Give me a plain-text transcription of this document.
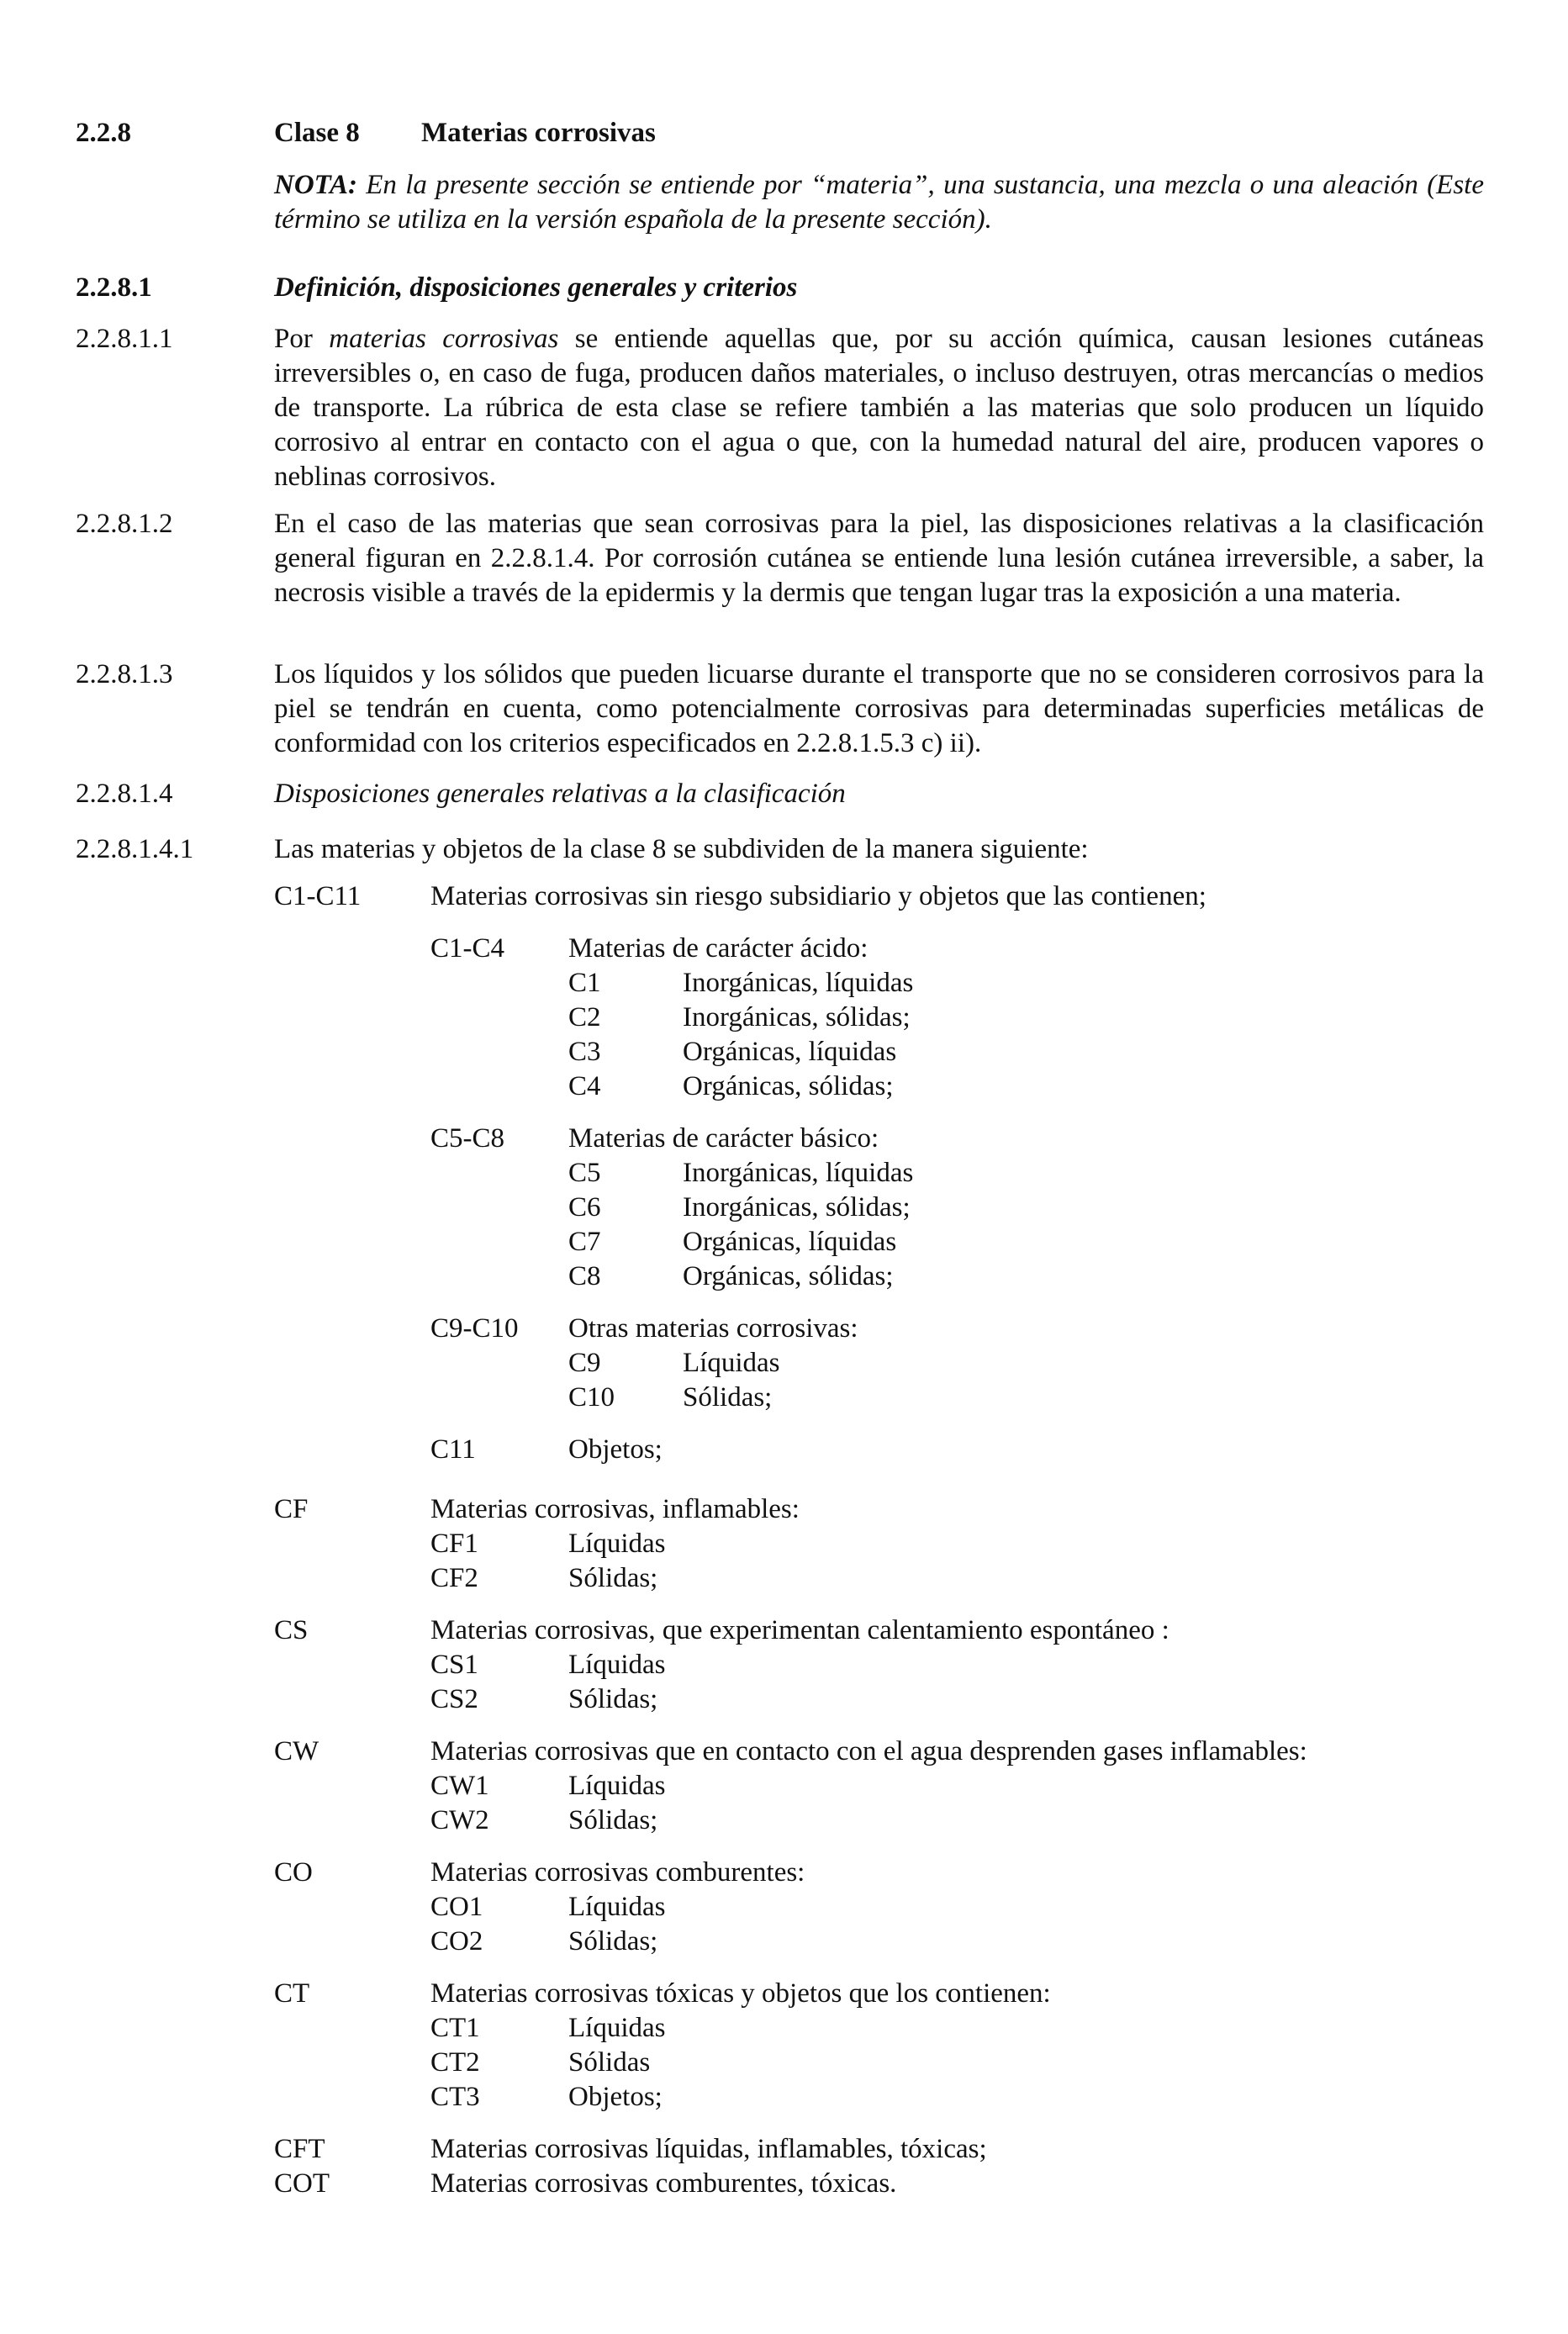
2.2.8	Clase 8 Materias corrosivas
NOTA: En la presente sección se entiende por “materia”, una sustancia, una mezcla o una aleación (Este término se utiliza en la versión española de la presente sección).
2.2.8.1	Definición, disposiciones generales y criterios
2.2.8.1.1	Por materias corrosivas se entiende aquellas que, por su acción química, causan lesiones cutáneas irreversibles o, en caso de fuga, producen daños materiales, o incluso destruyen, otras mercancías o medios de transporte. La rúbrica de esta clase se refiere también a las materias que solo producen un líquido corrosivo al entrar en contacto con el agua o que, con la humedad natural del aire, producen vapores o neblinas corrosivos.
2.2.8.1.2	En el caso de las materias que sean corrosivas para la piel, las disposiciones relativas a la clasificación general figuran en 2.2.8.1.4. Por corrosión cutánea se entiende luna lesión cutánea irreversible, a saber, la necrosis visible a través de la epidermis y la dermis que tengan lugar tras la exposición a una materia.
2.2.8.1.3	Los líquidos y los sólidos que pueden licuarse durante el transporte que no se consideren corrosivos para la piel se tendrán en cuenta, como potencialmente corrosivas para determinadas superficies metálicas de conformidad con los criterios especificados en 2.2.8.1.5.3 c) ii).
2.2.8.1.4	Disposiciones generales relativas a la clasificación
2.2.8.1.4.1	Las materias y objetos de la clase 8 se subdividen de la manera siguiente:
C1-C11	Materias corrosivas sin riesgo subsidiario y objetos que las contienen;
C1-C4 Materias de carácter ácido:
C1	Inorgánicas, líquidas
C2	Inorgánicas, sólidas;
C3	Orgánicas, líquidas
C4	Orgánicas, sólidas;
C5-C8 Materias de carácter básico:
C5	Inorgánicas, líquidas
C6	Inorgánicas, sólidas;
C7	Orgánicas, líquidas
C8	Orgánicas, sólidas;
C9-C10 Otras materias corrosivas:
C9	Líquidas
C10 Sólidas;
C11	Objetos;
CF	Materias corrosivas, inflamables:
CF1	Líquidas
CF2	Sólidas;
CS	Materias corrosivas, que experimentan calentamiento espontáneo :
CS1	Líquidas
CS2	Sólidas;
CW	Materias corrosivas que en contacto con el agua desprenden gases inflamables:
CW1	Líquidas
CW2	Sólidas;
CO	Materias corrosivas comburentes:
CO1	Líquidas
CO2	Sólidas;
CT	Materias corrosivas tóxicas y objetos que los contienen:
CT1	Líquidas
CT2	Sólidas
CT3	Objetos;
CFT	Materias corrosivas líquidas, inflamables, tóxicas;
COT	Materias corrosivas comburentes, tóxicas.
